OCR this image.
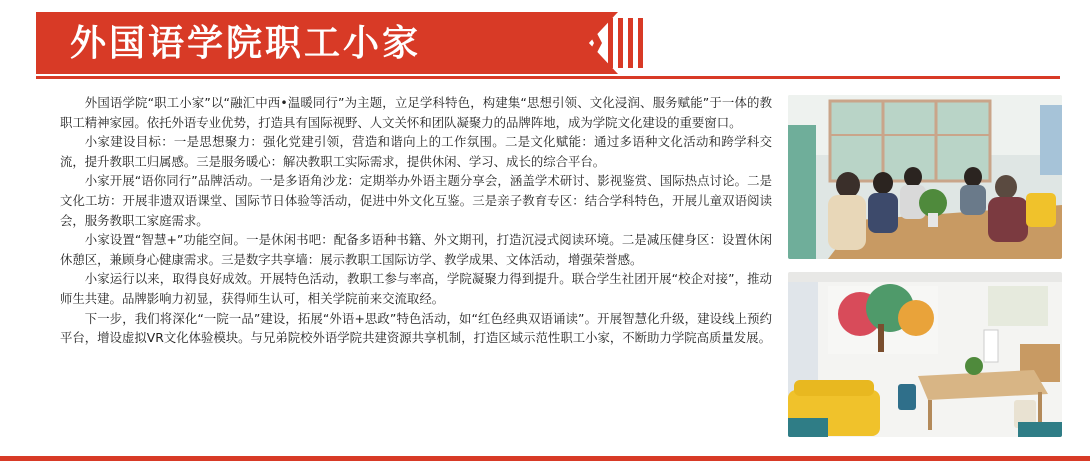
外国语学院职工小家

外国语学院“职工小家”以“融汇中西•温暖同行”为主题，立足学科特色，构建集“思想引领、文化浸润、服务赋能”于一体的教职工精神家园。依托外语专业优势，打造具有国际视野、人文关怀和团队凝聚力的品牌阵地，成为学院文化建设的重要窗口。

小家建设目标：一是思想聚力：强化党建引领，营造和谐向上的工作氛围。二是文化赋能：通过多语种文化活动和跨学科交流，提升教职工归属感。三是服务暖心：解决教职工实际需求，提供休闲、学习、成长的综合平台。

小家开展“语你同行”品牌活动。一是多语角沙龙：定期举办外语主题分享会，涵盖学术研讨、影视鉴赏、国际热点讨论。二是文化工坊：开展非遗双语课堂、国际节日体验等活动，促进中外文化互鉴。三是亲子教育专区：结合学科特色，开展儿童双语阅读会，服务教职工家庭需求。

小家设置“智慧+”功能空间。一是休闲书吧：配备多语种书籍、外文期刊，打造沉浸式阅读环境。二是减压健身区：设置休闲休憩区，兼顾身心健康需求。三是数字共享墙：展示教职工国际访学、教学成果、文体活动，增强荣誉感。

小家运行以来，取得良好成效。开展特色活动，教职工参与率高，学院凝聚力得到提升。联合学生社团开展“校企对接”，推动师生共建。品牌影响力初显，获得师生认可，相关学院前来交流取经。

下一步，我们将深化“一院一品”建设，拓展“外语+思政”特色活动，如“红色经典双语诵读”。开展智慧化升级，建设线上预约平台，增设虚拟VR文化体验模块。与兄弟院校外语学院共建资源共享机制，打造区域示范性职工小家，不断助力学院高质量发展。
